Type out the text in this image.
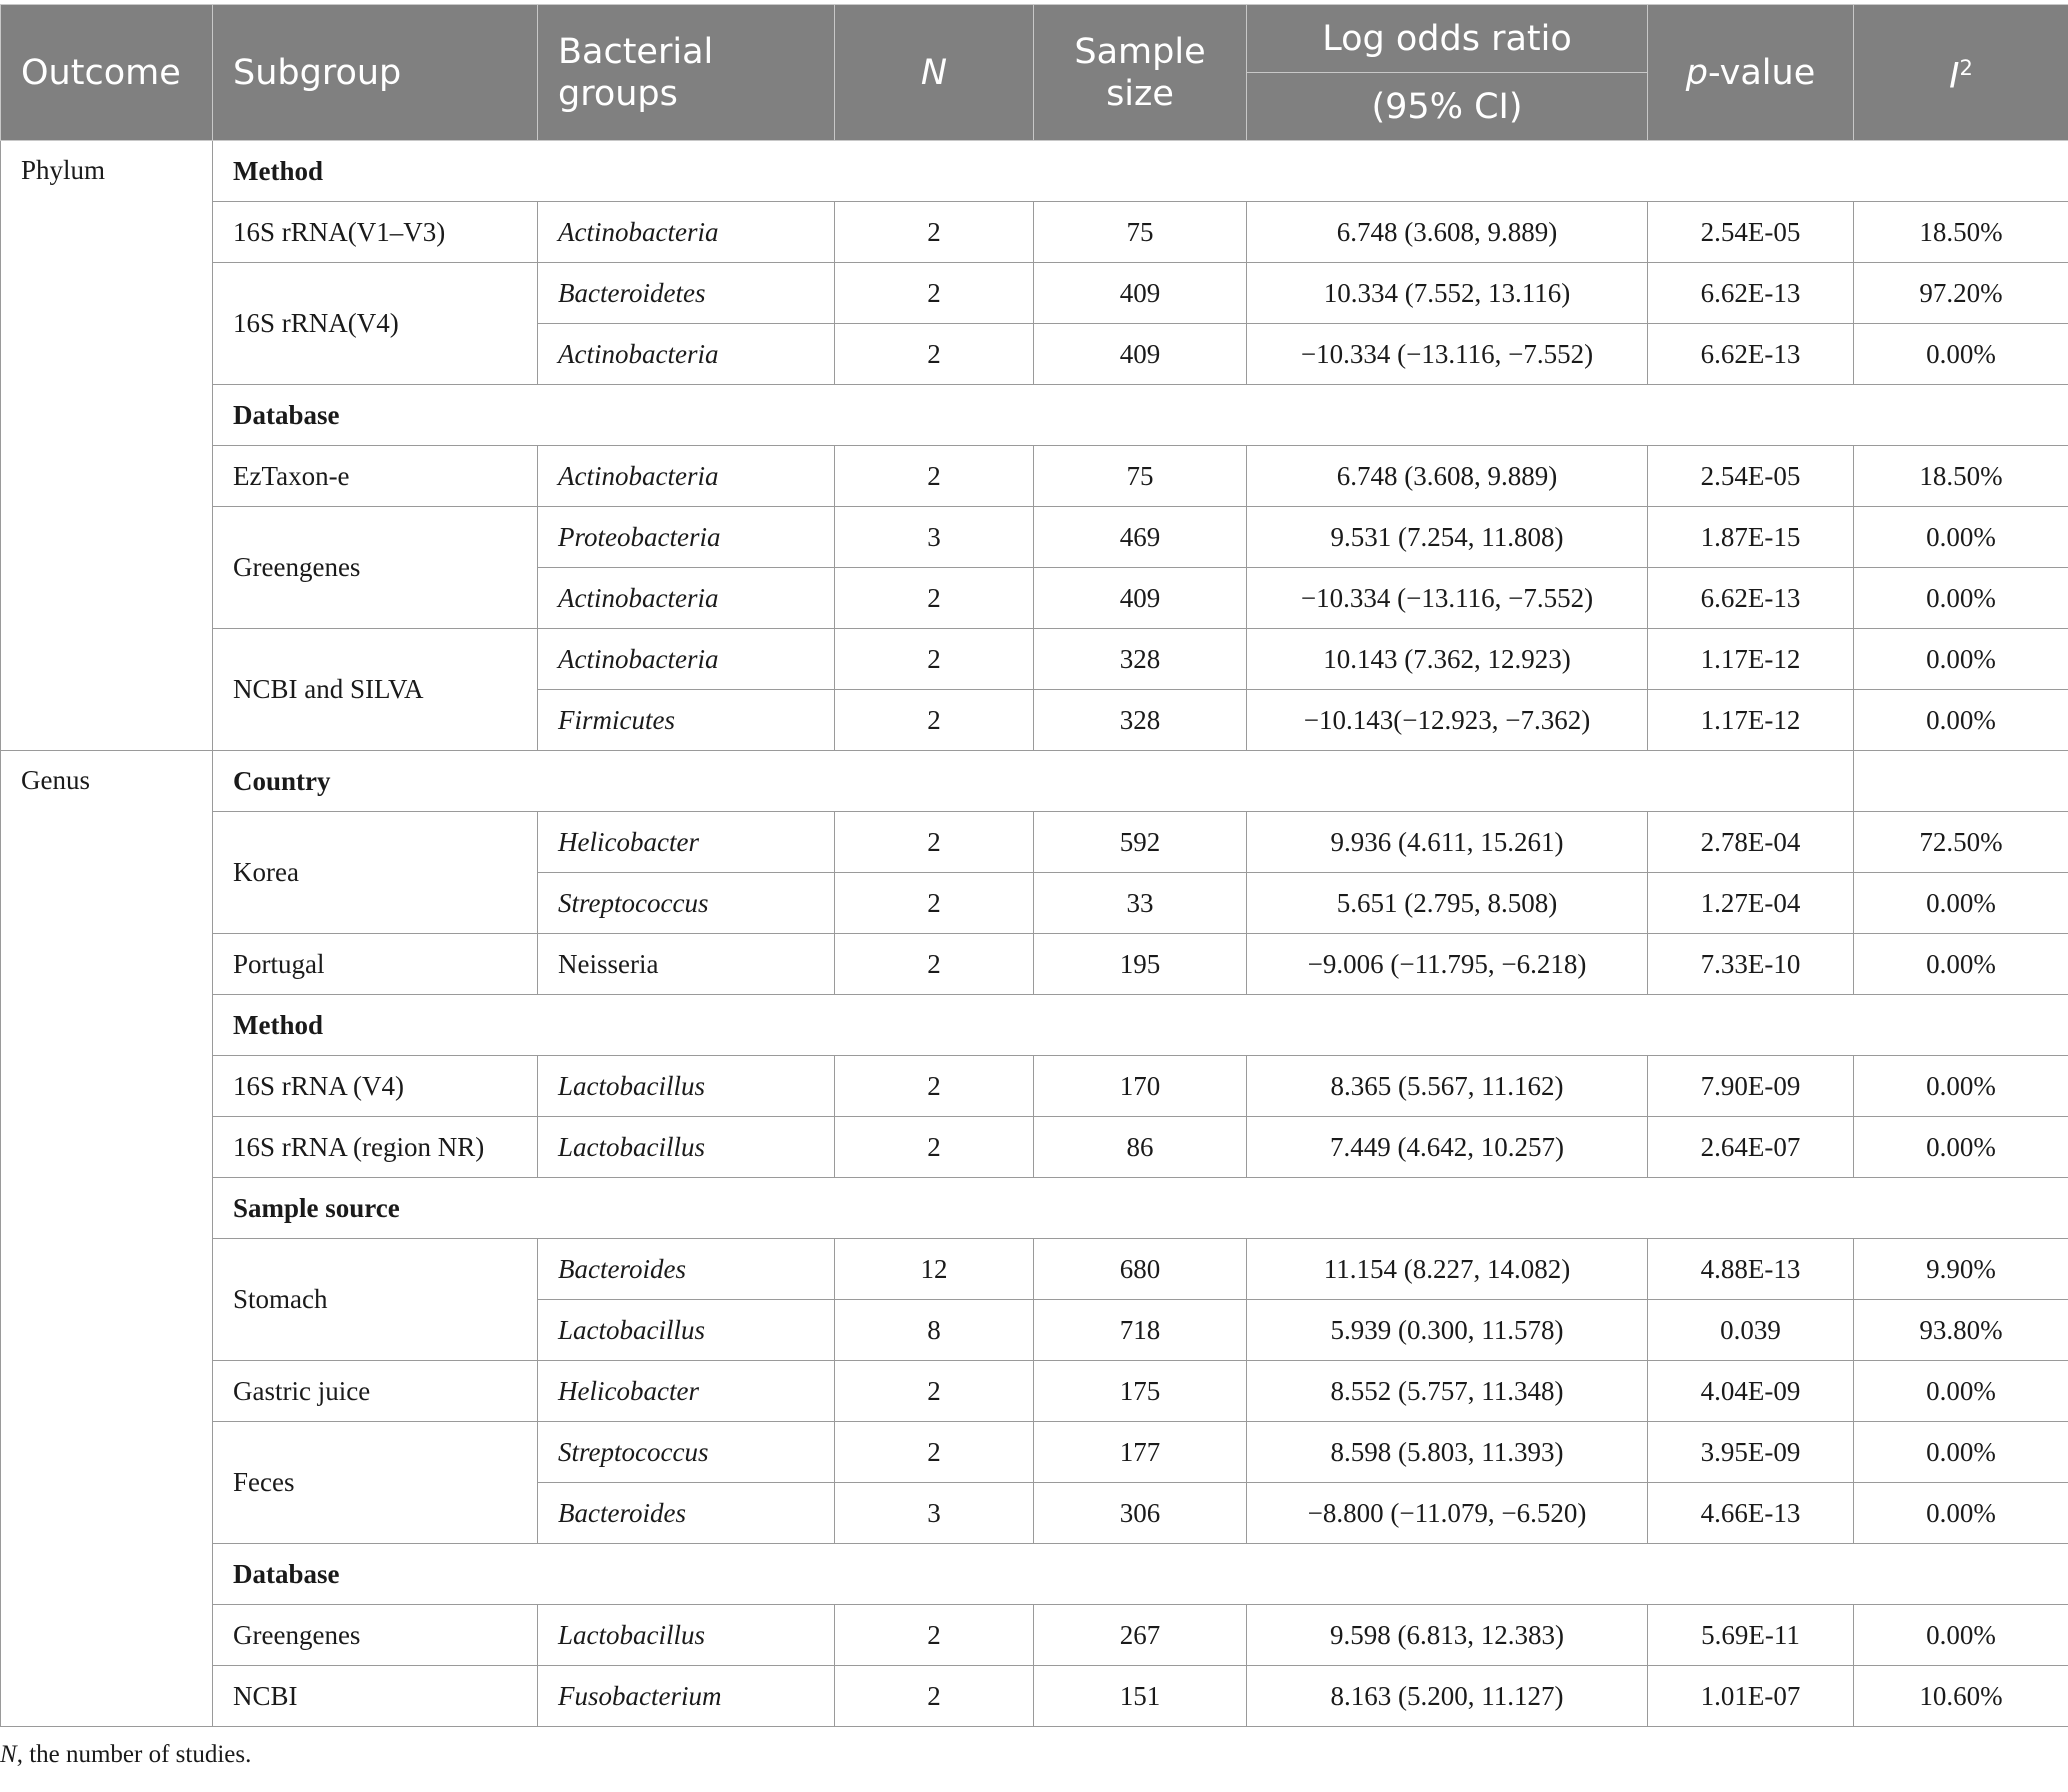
Outcome	Subgroup	Bacterial groups	N	Sample size	Log odds ratio	p-value	$I^2$
					(95% CI)		
Phylum	Method						
	16S rRNA(V1–V3)	Actinobacteria	2	75	6.748 (3.608, 9.889)	2.54E-05	18.50%
	16S rRNA(V4)	Bacteroidetes	2	409	10.334 (7.552, 13.116)	6.62E-13	97.20%
		Actinobacteria	2	409	−10.334 (−13.116, −7.552)	6.62E-13	0.00%
	Database						
	EzTaxon-e	Actinobacteria	2	75	6.748 (3.608, 9.889)	2.54E-05	18.50%
	Greengenes	Proteobacteria	3	469	9.531 (7.254, 11.808)	1.87E-15	0.00%
		Actinobacteria	2	409	−10.334 (−13.116, −7.552)	6.62E-13	0.00%
	NCBI and SILVA	Actinobacteria	2	328	10.143 (7.362, 12.923)	1.17E-12	0.00%
		Firmicutes	2	328	−10.143(−12.923, −7.362)	1.17E-12	0.00%
Genus	Country						
	Korea	Helicobacter	2	592	9.936 (4.611, 15.261)	2.78E-04	72.50%
		Streptococcus	2	33	5.651 (2.795, 8.508)	1.27E-04	0.00%
	Portugal	Neisseria	2	195	−9.006 (−11.795, −6.218)	7.33E-10	0.00%
	Method						
	16S rRNA (V4)	Lactobacillus	2	170	8.365 (5.567, 11.162)	7.90E-09	0.00%
	16S rRNA (region NR)	Lactobacillus	2	86	7.449 (4.642, 10.257)	2.64E-07	0.00%
	Sample source						
	Stomach	Bacteroides	12	680	11.154 (8.227, 14.082)	4.88E-13	9.90%
		Lactobacillus	8	718	5.939 (0.300, 11.578)	0.039	93.80%
	Gastric juice	Helicobacter	2	175	8.552 (5.757, 11.348)	4.04E-09	0.00%
	Feces	Streptococcus	2	177	8.598 (5.803, 11.393)	3.95E-09	0.00%
		Bacteroides	3	306	−8.800 (−11.079, −6.520)	4.66E-13	0.00%
	Database						
	Greengenes	Lactobacillus	2	267	9.598 (6.813, 12.383)	5.69E-11	0.00%
	NCBI	Fusobacterium	2	151	8.163 (5.200, 11.127)	1.01E-07	10.60%

N, the number of studies.
